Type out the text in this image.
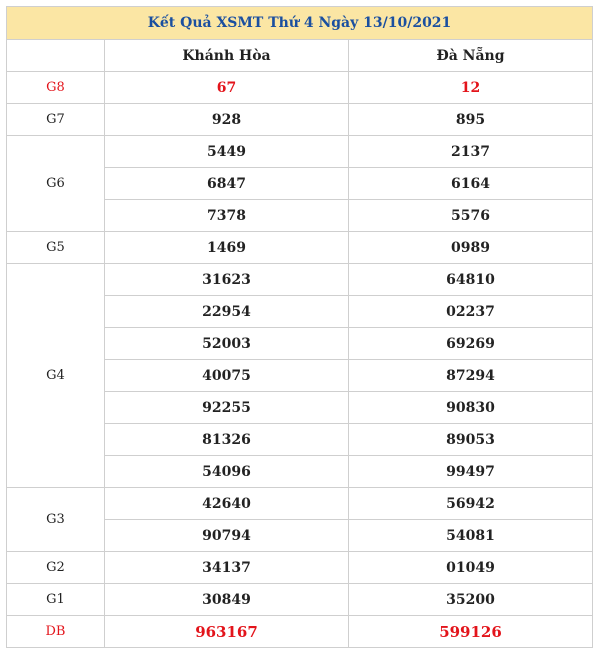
Kết Quả XSMT Thứ 4 Ngày 13/10/2021		
	Khánh Hòa	Đà Nẵng
G8	67	12
G7	928	895
G6	5449	2137
	6847	6164
	7378	5576
G5	1469	0989
G4	31623	64810
	22954	02237
	52003	69269
	40075	87294
	92255	90830
	81326	89053
	54096	99497
G3	42640	56942
	90794	54081
G2	34137	01049
G1	30849	35200
DB	963167	599126
